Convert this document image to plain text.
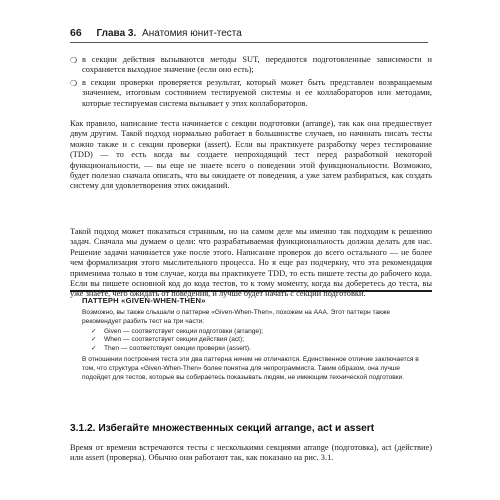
66 Глава 3. Анатомия юнит-теста
❍ в секции действия вызываются методы SUT, передаются подготовленные зависимости и сохраняется выходное значение (если оно есть);
❍ в секции проверки проверяется результат, который может быть представлен возвращаемым значением, итоговым состоянием тестируемой системы и ее коллабораторов или методами, которые тестируемая система вызывает у этих коллабораторов.

Как правило, написание теста начинается с секции подготовки (arrange), так как она предшествует двум другим. Такой подход нормально работает в большинстве случаев, но начинать писать тесты можно также и с секции проверки (assert). Если вы практикуете разработку через тестирование (TDD) — то есть когда вы создаете непроходящий тест перед разработкой некоторой функциональности, — вы еще не знаете всего о поведении этой функциональности. Возможно, будет полезно сначала описать, что вы ожидаете от поведения, а уже затем разбираться, как создать систему для удовлетворения этих ожиданий.

Такой подход может показаться странным, но на самом деле мы именно так подходим к решению задач. Сначала мы думаем о цели: что разрабатываемая функциональность должна делать для нас. Решение задачи начинается уже после этого. Написание проверок до всего остального — не более чем формализация этого мыслительного процесса. Но я еще раз подчеркну, что эта рекомендация применима только в том случае, когда вы практикуете TDD, то есть пишете тесты до рабочего кода. Если вы пишете основной код до кода тестов, то к тому моменту, когда вы доберетесь до теста, вы уже знаете, чего ожидать от поведения, и лучше будет начать с секции подготовки.

ПАТТЕРН «GIVEN-WHEN-THEN»

Возможно, вы также слышали о паттерне «Given-When-Then», похожем на AAA. Этот паттерн также рекомендует разбить тест на три части:

✓ Given — соответствует секции подготовки (arrange);
✓ When — соответствует секции действия (act);
✓ Then — соответствует секции проверки (assert).

В отношении построения теста эти два паттерна ничем не отличаются. Единственное отличие заключается в том, что структура «Given-When-Then» более понятна для непрограммиста. Таким образом, она лучше подойдет для тестов, которые вы собираетесь показывать людям, не имеющим технической подготовки.

3.1.2. Избегайте множественных секций arrange, act и assert

Время от времени встречаются тесты с несколькими секциями arrange (подготовка), act (действие) или assert (проверка). Обычно они работают так, как показано на рис. 3.1.
